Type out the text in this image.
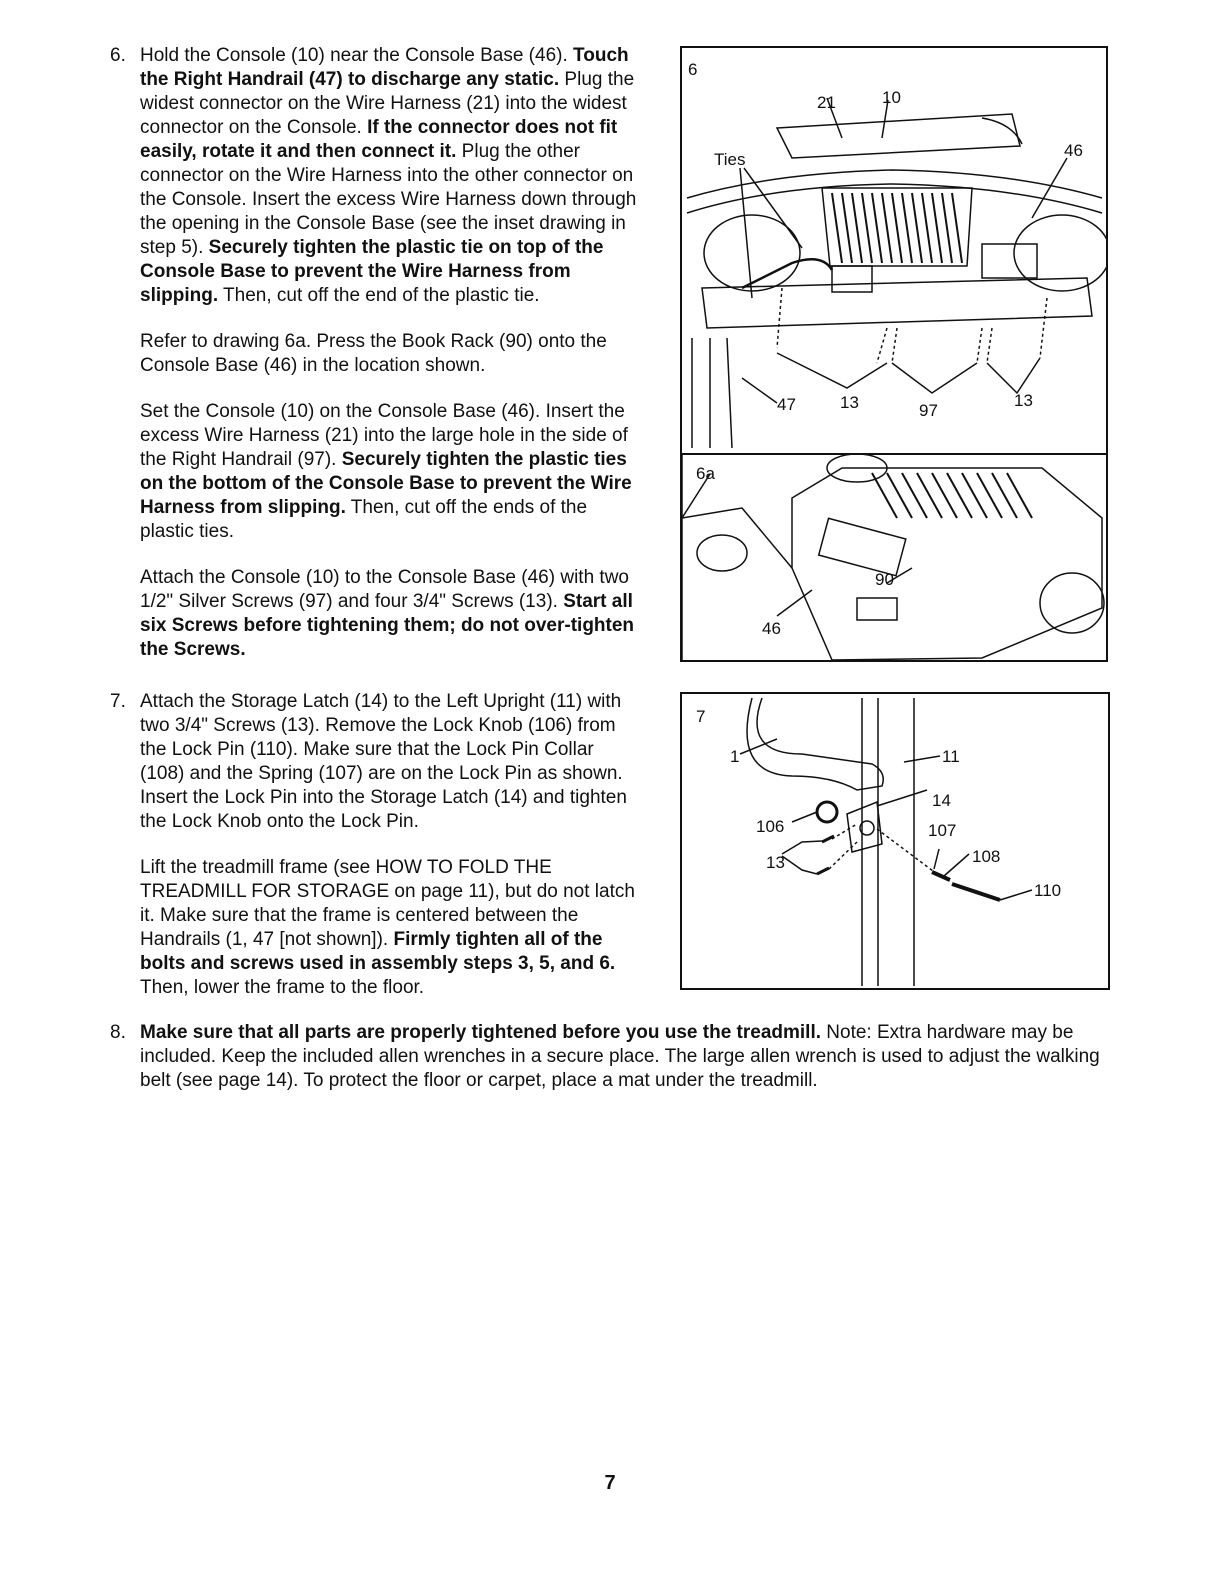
6. Hold the Console (10) near the Console Base (46). Touch the Right Handrail (47) to discharge any static. Plug the widest connector on the Wire Harness (21) into the widest connector on the Console. If the connector does not fit easily, rotate it and then connect it. Plug the other connector on the Wire Harness into the other connector on the Console. Insert the excess Wire Harness down through the opening in the Console Base (see the inset drawing in step 5). Securely tighten the plastic tie on top of the Console Base to prevent the Wire Harness from slipping. Then, cut off the end of the plastic tie.

Refer to drawing 6a. Press the Book Rack (90) onto the Console Base (46) in the location shown.

Set the Console (10) on the Console Base (46). Insert the excess Wire Harness (21) into the large hole in the side of the Right Handrail (97). Securely tighten the plastic ties on the bottom of the Console Base to prevent the Wire Harness from slipping. Then, cut off the ends of the plastic ties.

Attach the Console (10) to the Console Base (46) with two 1/2" Silver Screws (97) and four 3/4" Screws (13). Start all six Screws before tightening them; do not over-tighten the Screws.

7. Attach the Storage Latch (14) to the Left Upright (11) with two 3/4" Screws (13). Remove the Lock Knob (106) from the Lock Pin (110). Make sure that the Lock Pin Collar (108) and the Spring (107) are on the Lock Pin as shown. Insert the Lock Pin into the Storage Latch (14) and tighten the Lock Knob onto the Lock Pin.

Lift the treadmill frame (see HOW TO FOLD THE TREADMILL FOR STORAGE on page 11), but do not latch it. Make sure that the frame is centered between the Handrails (1, 47 [not shown]). Firmly tighten all of the bolts and screws used in assembly steps 3, 5, and 6. Then, lower the frame to the floor.

8. Make sure that all parts are properly tightened before you use the treadmill. Note: Extra hardware may be included. Keep the included allen wrenches in a secure place. The large allen wrench is used to adjust the walking belt (see page 14). To protect the floor or carpet, place a mat under the treadmill.

6
21	10
Ties	46
47	13	97
13
6a
90
46
7
1	11
14
106	107
108
13
110
7
